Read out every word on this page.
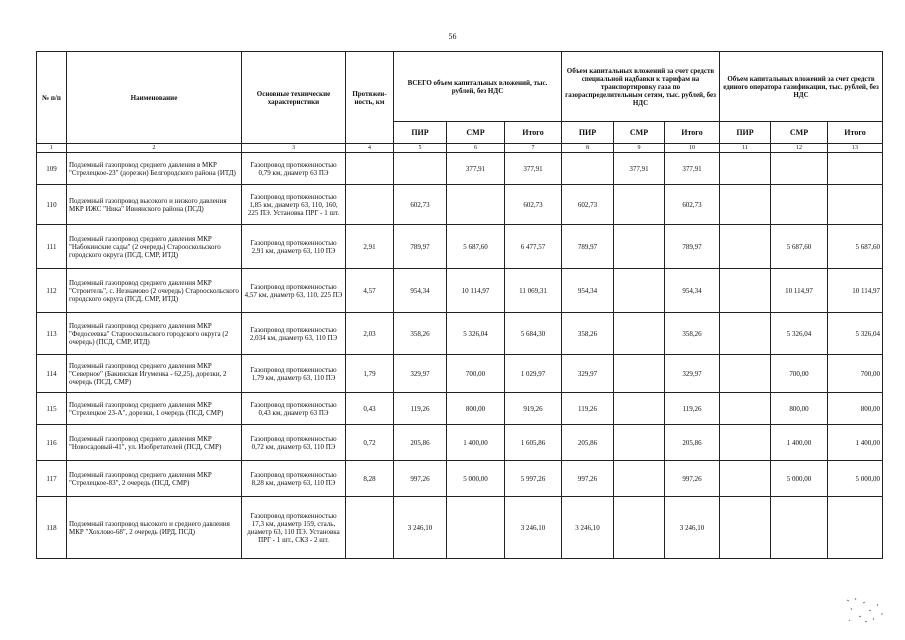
56
№ п/п	Наименование	Основные технические характеристики	Протяжен-ность, км	ВСЕГО объем капитальных вложений, тыс. рублей, без НДС			Объем капитальных вложений за счет средств специальной надбавки к тарифам на транспортировку газа по газораспределительным сетям, тыс. рублей, без НДС			Объем капитальных вложений за счет средств единого оператора газификации, тыс. рублей, без НДС		
				ПИР	СМР	Итого	ПИР	СМР	Итого	ПИР	СМР	Итого
1	2	3	4	5	6	7	8	9	10	11	12	13
109	Подземный газопровод среднего давления в МКР "Стрелецкое-23" (дорезки) Белгородского района (ИТД)	Газопровод протяженностью 0,79 км, диаметр 63 ПЭ			377,91	377,91		377,91	377,91			
110	Подземный газопровод высокого и низкого давления МКР ИЖС "Ника" Ивнянского района (ПСД)	Газопровод протяженностью 1,85 км, диаметр 63, 110, 160, 225 ПЭ. Установка ПРГ - 1 шт.		602,73		602,73	602,73		602,73			
111	Подземный газопровод среднего давления МКР "Набокинские сады" (2 очередь) Старооскольского городского округа (ПСД, СМР, ИТД)	Газопровод протяженностью 2,91 км, диаметр 63, 110 ПЭ	2,91	789,97	5 687,60	6 477,57	789,97		789,97		5 687,60	5 687,60
112	Подземный газопровод среднего давления МКР "Строитель", с. Незнамово (2 очередь) Старооскольского городского округа (ПСД, СМР, ИТД)	Газопровод протяженностью 4,57 км, диаметр 63, 110, 225 ПЭ	4,57	954,34	10 114,97	11 069,31	954,34		954,34		10 114,97	10 114,97
113	Подземный газопровод среднего давления МКР "Федосеевка" Старооскольского городского округа (2 очередь) (ПСД, СМР, ИТД)	Газопровод протяженностью 2,034 км, диаметр 63, 110 ПЭ	2,03	358,26	5 326,04	5 684,30	358,26		358,26		5 326,04	5 326,04
114	Подземный газопровод среднего давления МКР "Северное" (Бакинская Игуменка - 62,25), дорезки, 2 очередь (ПСД, СМР)	Газопровод протяженностью 1,79 км, диаметр 63, 110 ПЭ	1,79	329,97	700,00	1 029,97	329,97		329,97		700,00	700,00
115	Подземный газопровод среднего давления МКР "Стрелецкое 23-А", дорезки, 1 очередь (ПСД, СМР)	Газопровод протяженностью 0,43 км, диаметр 63 ПЭ	0,43	119,26	800,00	919,26	119,26		119,26		800,00	800,00
116	Подземный газопровод среднего давления МКР "Новосадовый-41", ул. Изобретателей (ПСД, СМР)	Газопровод протяженностью 0,72 км, диаметр 63, 110 ПЭ	0,72	205,86	1 400,00	1 605,86	205,86		205,86		1 400,00	1 400,00
117	Подземный газопровод среднего давления МКР "Стрелецкое-83", 2 очередь (ПСД, СМР)	Газопровод протяженностью 8,28 км, диаметр 63, 110 ПЭ	8,28	997,26	5 000,00	5 997,26	997,26		997,26		5 000,00	5 000,00
118	Подземный газопровод высокого и среднего давления МКР "Хохлово-68", 2 очередь (ИРД, ПСД)	Газопровод протяженностью 17,3 км, диаметр 159, сталь, диаметр 63, 110 ПЭ. Установка ПРГ - 1 шт., СКЗ - 2 шт.		3 246,10		3 246,10	3 246,10		3 246,10			
